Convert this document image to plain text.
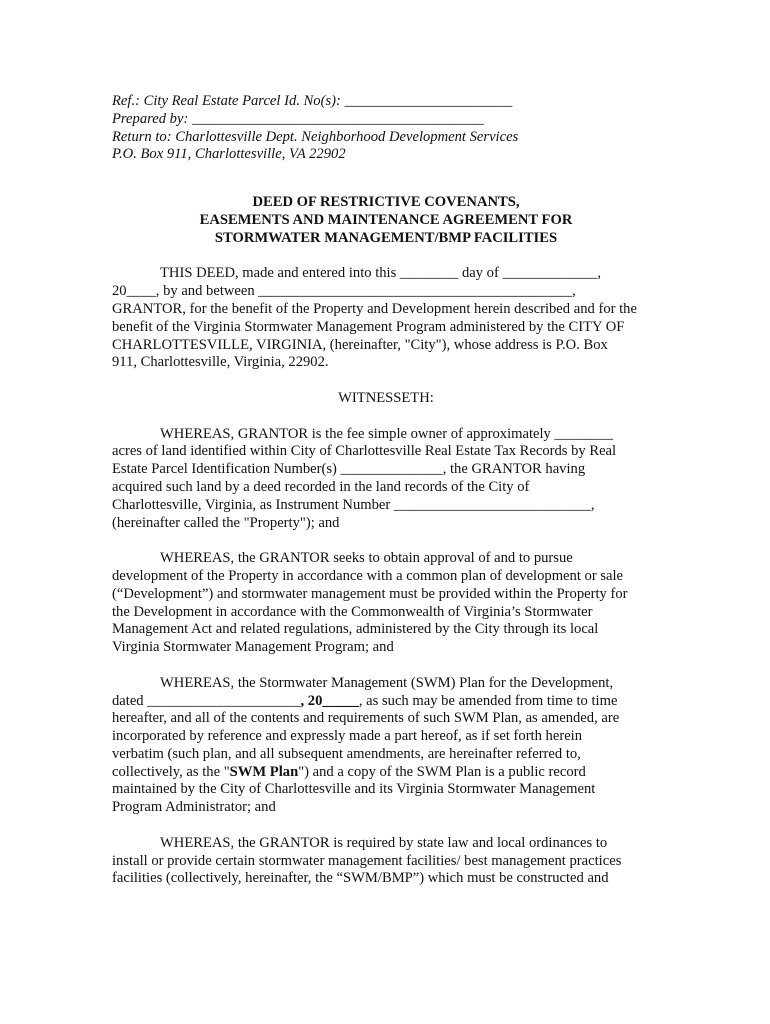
Ref.: City Real Estate Parcel Id. No(s): _______________________

Prepared by: ________________________________________

Return to: Charlottesville Dept. Neighborhood Development Services

P.O. Box 911, Charlottesville, VA 22902

DEED OF RESTRICTIVE COVENANTS,
EASEMENTS AND MAINTENANCE AGREEMENT FOR
STORMWATER MANAGEMENT/BMP FACILITIES
THIS DEED, made and entered into this ________ day of _____________,
20____, by and between ___________________________________________,
GRANTOR, for the benefit of the Property and Development herein described and for the
benefit of the Virginia Stormwater Management Program administered by the CITY OF
CHARLOTTESVILLE, VIRGINIA, (hereinafter, "City"), whose address is P.O. Box
911, Charlottesville, Virginia, 22902.
WITNESSETH:
WHEREAS, GRANTOR is the fee simple owner of approximately ________
acres of land identified within City of Charlottesville Real Estate Tax Records by Real
Estate Parcel Identification Number(s) ______________, the GRANTOR having
acquired such land by a deed recorded in the land records of the City of
Charlottesville, Virginia, as Instrument Number ___________________________,
(hereinafter called the "Property"); and
WHEREAS, the GRANTOR seeks to obtain approval of and to pursue
development of the Property in accordance with a common plan of development or sale
(“Development”) and stormwater management must be provided within the Property for
the Development in accordance with the Commonwealth of Virginia’s Stormwater
Management Act and related regulations, administered by the City through its local
Virginia Stormwater Management Program; and
WHEREAS, the Stormwater Management (SWM) Plan for the Development,
dated _____________________, 20_____, as such may be amended from time to time
hereafter, and all of the contents and requirements of such SWM Plan, as amended, are
incorporated by reference and expressly made a part hereof, as if set forth herein
verbatim (such plan, and all subsequent amendments, are hereinafter referred to,
collectively, as the "SWM Plan") and a copy of the SWM Plan is a public record
maintained by the City of Charlottesville and its Virginia Stormwater Management
Program Administrator; and
WHEREAS, the GRANTOR is required by state law and local ordinances to
install or provide certain stormwater management facilities/ best management practices
facilities (collectively, hereinafter, the “SWM/BMP”) which must be constructed and
